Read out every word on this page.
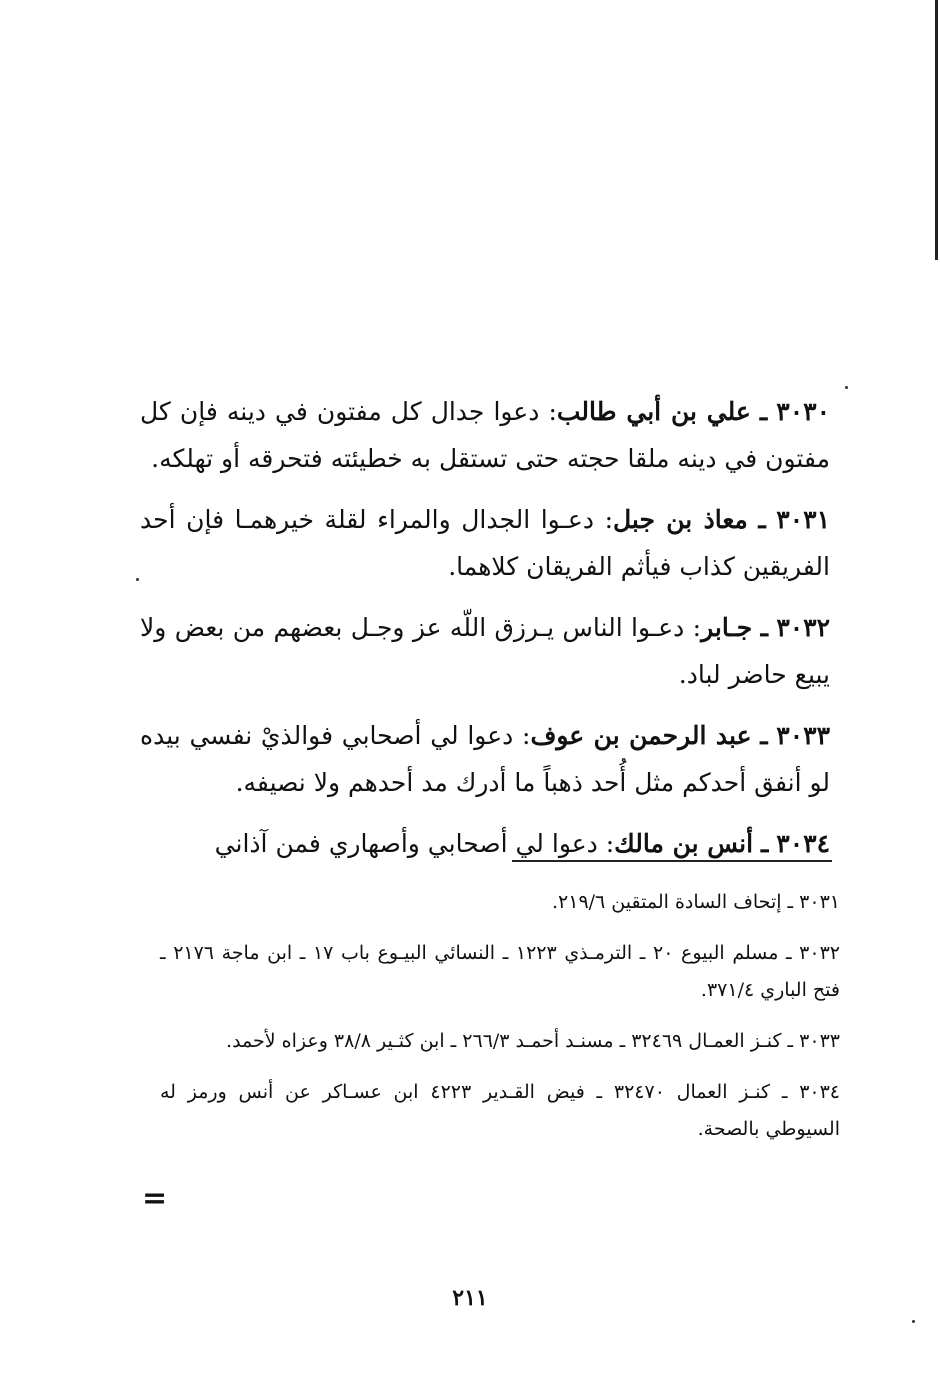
٣٠٣٠ ـ علي بن أبي طالب: دعوا جدال كل مفتون في دينه فإن كل مفتون في دينه ملقا حجته حتى تستقل به خطيئته فتحرقه أو تهلكه.

٣٠٣١ ـ معاذ بن جبل: دعـوا الجدال والمراء لقلة خيرهمـا فإن أحد الفريقين كذاب فيأثم الفريقان كلاهما.

٣٠٣٢ ـ جـابر: دعـوا الناس يـرزق اللّه عز وجـل بعضهم من بعض ولا يبيع حاضر لباد.

٣٠٣٣ ـ عبد الرحمن بن عوف: دعوا لي أصحابي فوالذيْ نفسي بيده لو أنفق أحدكم مثل أُحد ذهباً ما أدرك مد أحدهم ولا نصيفه.

٣٠٣٤ ـ أنس بن مالك: دعوا لي أصحابي وأصهاري فمن آذاني

٣٠٣١ ـ إتحاف السادة المتقين ٢١٩/٦.

٣٠٣٢ ـ مسلم البيوع ٢٠ ـ الترمـذي ١٢٢٣ ـ النسائي البيـوع باب ١٧ ـ ابن ماجة ٢١٧٦ ـ فتح الباري ٣٧١/٤.

٣٠٣٣ ـ كنـز العمـال ٣٢٤٦٩ ـ مسنـد أحمـد ٢٦٦/٣ ـ ابن كثـير ٣٨/٨ وعزاه لأحمد.

٣٠٣٤ ـ كنـز العمال ٣٢٤٧٠ ـ فيض القـدير ٤٢٢٣ ابن عسـاكر عن أنس ورمز له السيوطي بالصحة.

=
٢١١
